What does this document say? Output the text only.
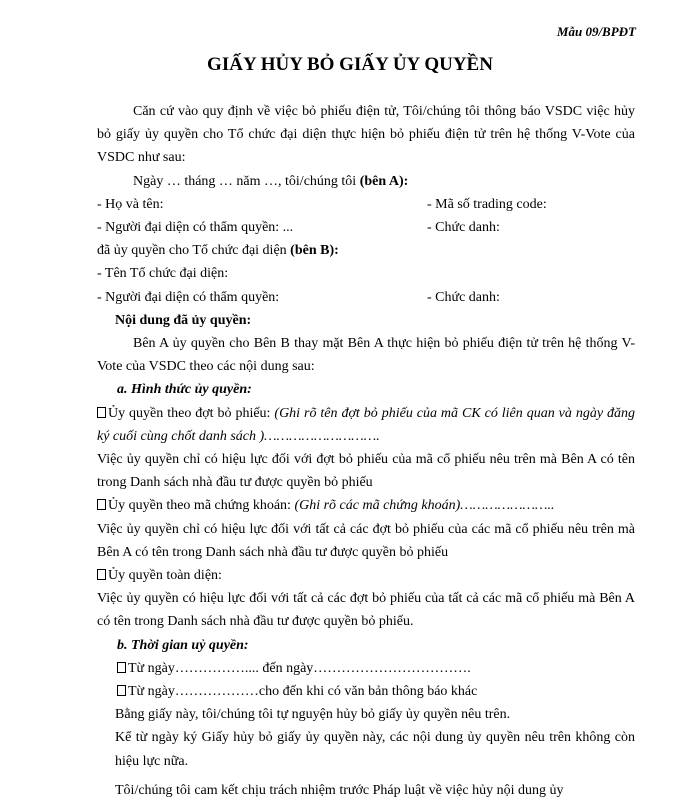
Mẫu 09/BPĐT
GIẤY HỦY BỎ GIẤY ỦY QUYỀN

Căn cứ vào quy định về việc bỏ phiếu điện tử, Tôi/chúng tôi thông báo VSDC việc hủy bỏ giấy ủy quyền cho Tổ chức đại diện thực hiện bỏ phiếu điện tử trên hệ thống V-Vote của VSDC như sau:

Ngày … tháng … năm …, tôi/chúng tôi (bên A):

- Họ và tên:	- Mã số trading code:
- Người đại diện có thẩm quyền: ...	- Chức danh:

đã ủy quyền cho Tổ chức đại diện (bên B):

- Tên Tổ chức đại diện:

- Người đại diện có thẩm quyền:	- Chức danh:

Nội dung đã ủy quyền:

Bên A ủy quyền cho Bên B thay mặt Bên A thực hiện bỏ phiếu điện tử trên hệ thống V-Vote của VSDC theo các nội dung sau:

a. Hình thức ủy quyền:

Ủy quyền theo đợt bỏ phiếu: (Ghi rõ tên đợt bỏ phiếu của mã CK có liên quan và ngày đăng ký cuối cùng chốt danh sách )……………………….

Việc ủy quyền chỉ có hiệu lực đối với đợt bỏ phiếu của mã cổ phiếu nêu trên mà Bên A có tên trong Danh sách nhà đầu tư được quyền bỏ phiếu

Ủy quyền theo mã chứng khoán: (Ghi rõ các mã chứng khoán)…………………..

Việc ủy quyền chỉ có hiệu lực đối với tất cả các đợt bỏ phiếu của các mã cổ phiếu nêu trên mà Bên A có tên trong Danh sách nhà đầu tư được quyền bỏ phiếu

Ủy quyền toàn diện:

Việc ủy quyền có hiệu lực đối với tất cả các đợt bỏ phiếu của tất cả các mã cổ phiếu mà Bên A có tên trong Danh sách nhà đầu tư được quyền bỏ phiếu.

b. Thời gian uỷ quyền:

Từ ngày…………….... đến ngày…………………………….

Từ ngày………………cho đến khi có văn bản thông báo khác

Bằng giấy này, tôi/chúng tôi tự nguyện hủy bỏ giấy ủy quyền nêu trên.

Kể từ ngày ký Giấy hủy bỏ giấy ủy quyền này, các nội dung ủy quyền nêu trên không còn hiệu lực nữa.

Tôi/chúng tôi cam kết chịu trách nhiệm trước Pháp luật về việc hủy nội dung ủy
